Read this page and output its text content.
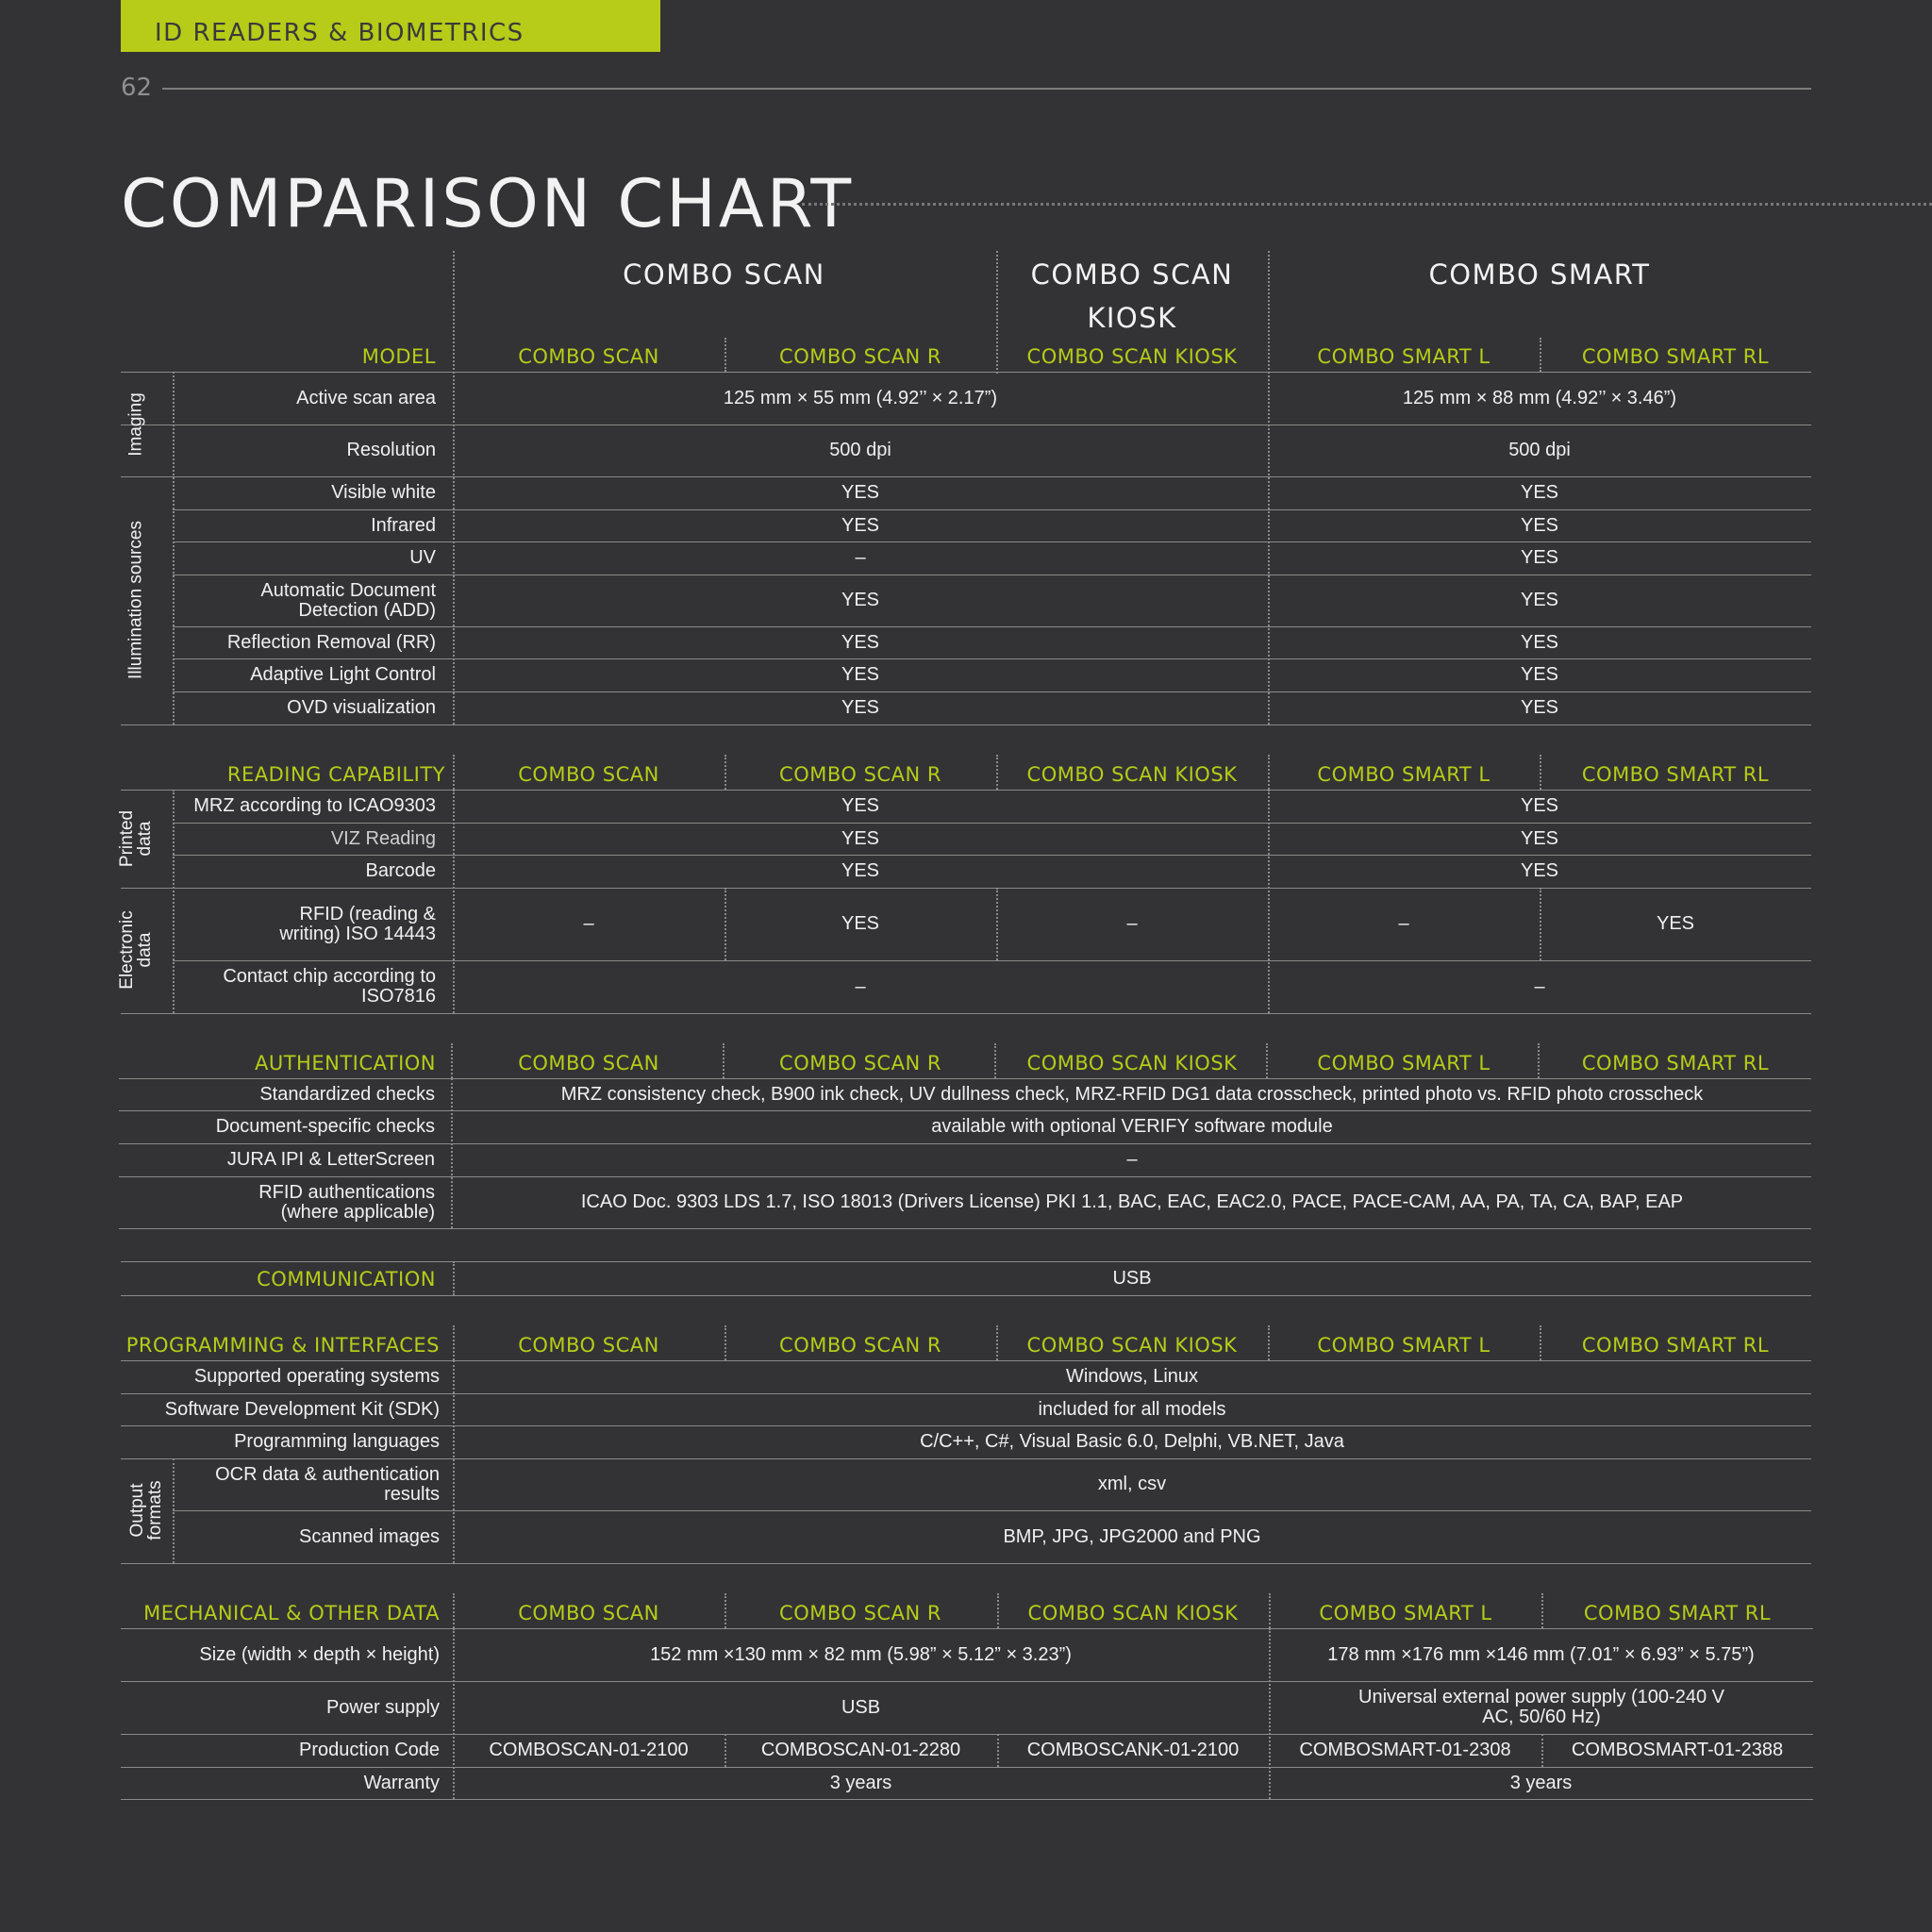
ID READERS & BIOMETRICS
62
COMPARISON CHART
COMBO SCAN	COMBO SCAN KIOSK
COMBO SMART
MODEL	COMBO SCAN	COMBO SCAN R	COMBO SCAN KIOSK	COMBO SMART L	COMBO SMART RL
Imaging
Illumination sources
Active scan area	125 mm × 55 mm (4.92’’ × 2.17”)	125 mm × 88 mm (4.92’’ × 3.46”)
Resolution	500 dpi	500 dpi
Visible white	YES	YES
Infrared	YES	YES
UV	–	YES
Automatic Document Detection (ADD)	YES	YES
Reflection Removal (RR)	YES	YES
Adaptive Light Control	YES	YES
OVD visualization	YES	YES
READING CAPABILITY	COMBO SCAN	COMBO SCAN R	COMBO SCAN KIOSK	COMBO SMART L	COMBO SMART RL
Printed data
Electronic data
MRZ according to ICAO9303	YES	YES
VIZ Reading	YES	YES
Barcode	YES	YES
RFID (reading & writing) ISO 14443	–	YES	–	–	YES
Contact chip according to ISO7816	–	–
AUTHENTICATION	COMBO SCAN	COMBO SCAN R	COMBO SCAN KIOSK	COMBO SMART L	COMBO SMART RL
Standardized checks	MRZ consistency check, B900 ink check, UV dullness check, MRZ-RFID DG1 data crosscheck, printed photo vs. RFID photo crosscheck
Document-specific checks	available with optional VERIFY software module
JURA IPI & LetterScreen	–
RFID authentications (where applicable)	ICAO Doc. 9303 LDS 1.7, ISO 18013 (Drivers License) PKI 1.1, BAC, EAC, EAC2.0, PACE, PACE-CAM, AA, PA, TA, CA, BAP, EAP
COMMUNICATION	USB
PROGRAMMING & INTERFACES	COMBO SCAN	COMBO SCAN R	COMBO SCAN KIOSK	COMBO SMART L	COMBO SMART RL
Output formats
Supported operating systems	Windows, Linux
Software Development Kit (SDK)	included for all models
Programming languages	C/C++, C#, Visual Basic 6.0, Delphi, VB.NET, Java
OCR data & authentication results	xml, csv
Scanned images	BMP, JPG, JPG2000 and PNG
MECHANICAL & OTHER DATA	COMBO SCAN	COMBO SCAN R	COMBO SCAN KIOSK	COMBO SMART L	COMBO SMART RL
Size (width × depth × height)	152 mm ×130 mm × 82 mm (5.98” × 5.12” × 3.23”)	178 mm ×176 mm ×146 mm (7.01” × 6.93” × 5.75”)
Power supply	USB	Universal external power supply (100-240 V AC, 50/60 Hz)
Production Code	COMBOSCAN-01-2100	COMBOSCAN-01-2280	COMBOSCANK-01-2100	COMBOSMART-01-2308	COMBOSMART-01-2388
Warranty	3 years	3 years
